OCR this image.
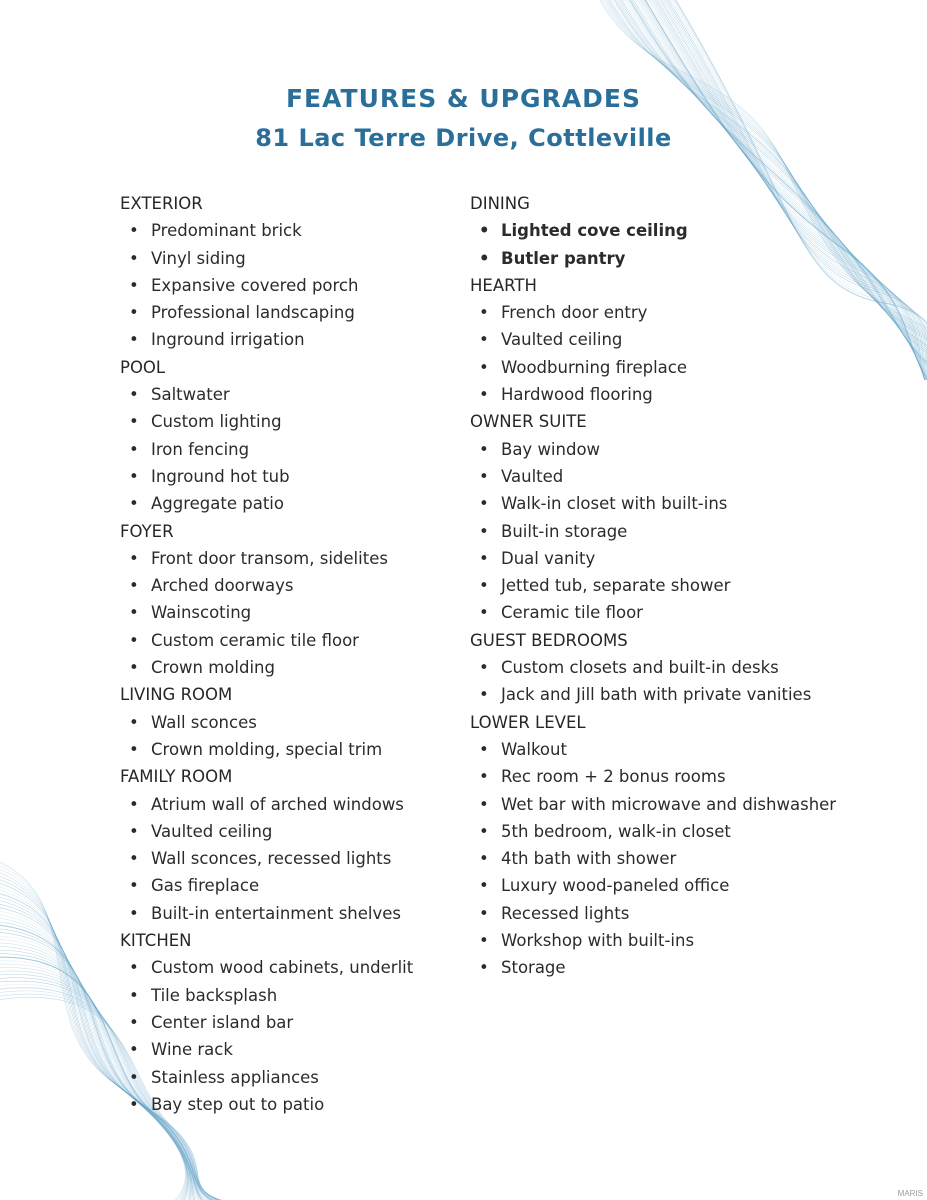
FEATURES & UPGRADES
81 Lac Terre Drive, Cottleville
EXTERIOR
• Predominant brick
• Vinyl siding
• Expansive covered porch
• Professional landscaping
• Inground irrigation
POOL
• Saltwater
• Custom lighting
• Iron fencing
• Inground hot tub
• Aggregate patio
FOYER
• Front door transom, sidelites
• Arched doorways
• Wainscoting
• Custom ceramic tile floor
• Crown molding
LIVING ROOM
• Wall sconces
• Crown molding, special trim
FAMILY ROOM
• Atrium wall of arched windows
• Vaulted ceiling
• Wall sconces, recessed lights
• Gas fireplace
• Built-in entertainment shelves
KITCHEN
• Custom wood cabinets, underlit
• Tile backsplash
• Center island bar
• Wine rack
• Stainless appliances
• Bay step out to patio
DINING
• Lighted cove ceiling
• Butler pantry
HEARTH
• French door entry
• Vaulted ceiling
• Woodburning fireplace
• Hardwood flooring
OWNER SUITE
• Bay window
• Vaulted
• Walk-in closet with built-ins
• Built-in storage
• Dual vanity
• Jetted tub, separate shower
• Ceramic tile floor
GUEST BEDROOMS
• Custom closets and built-in desks
• Jack and Jill bath with private vanities
LOWER LEVEL
• Walkout
• Rec room + 2 bonus rooms
• Wet bar with microwave and dishwasher
• 5th bedroom, walk-in closet
• 4th bath with shower
• Luxury wood-paneled office
• Recessed lights
• Workshop with built-ins
• Storage
MARIS
